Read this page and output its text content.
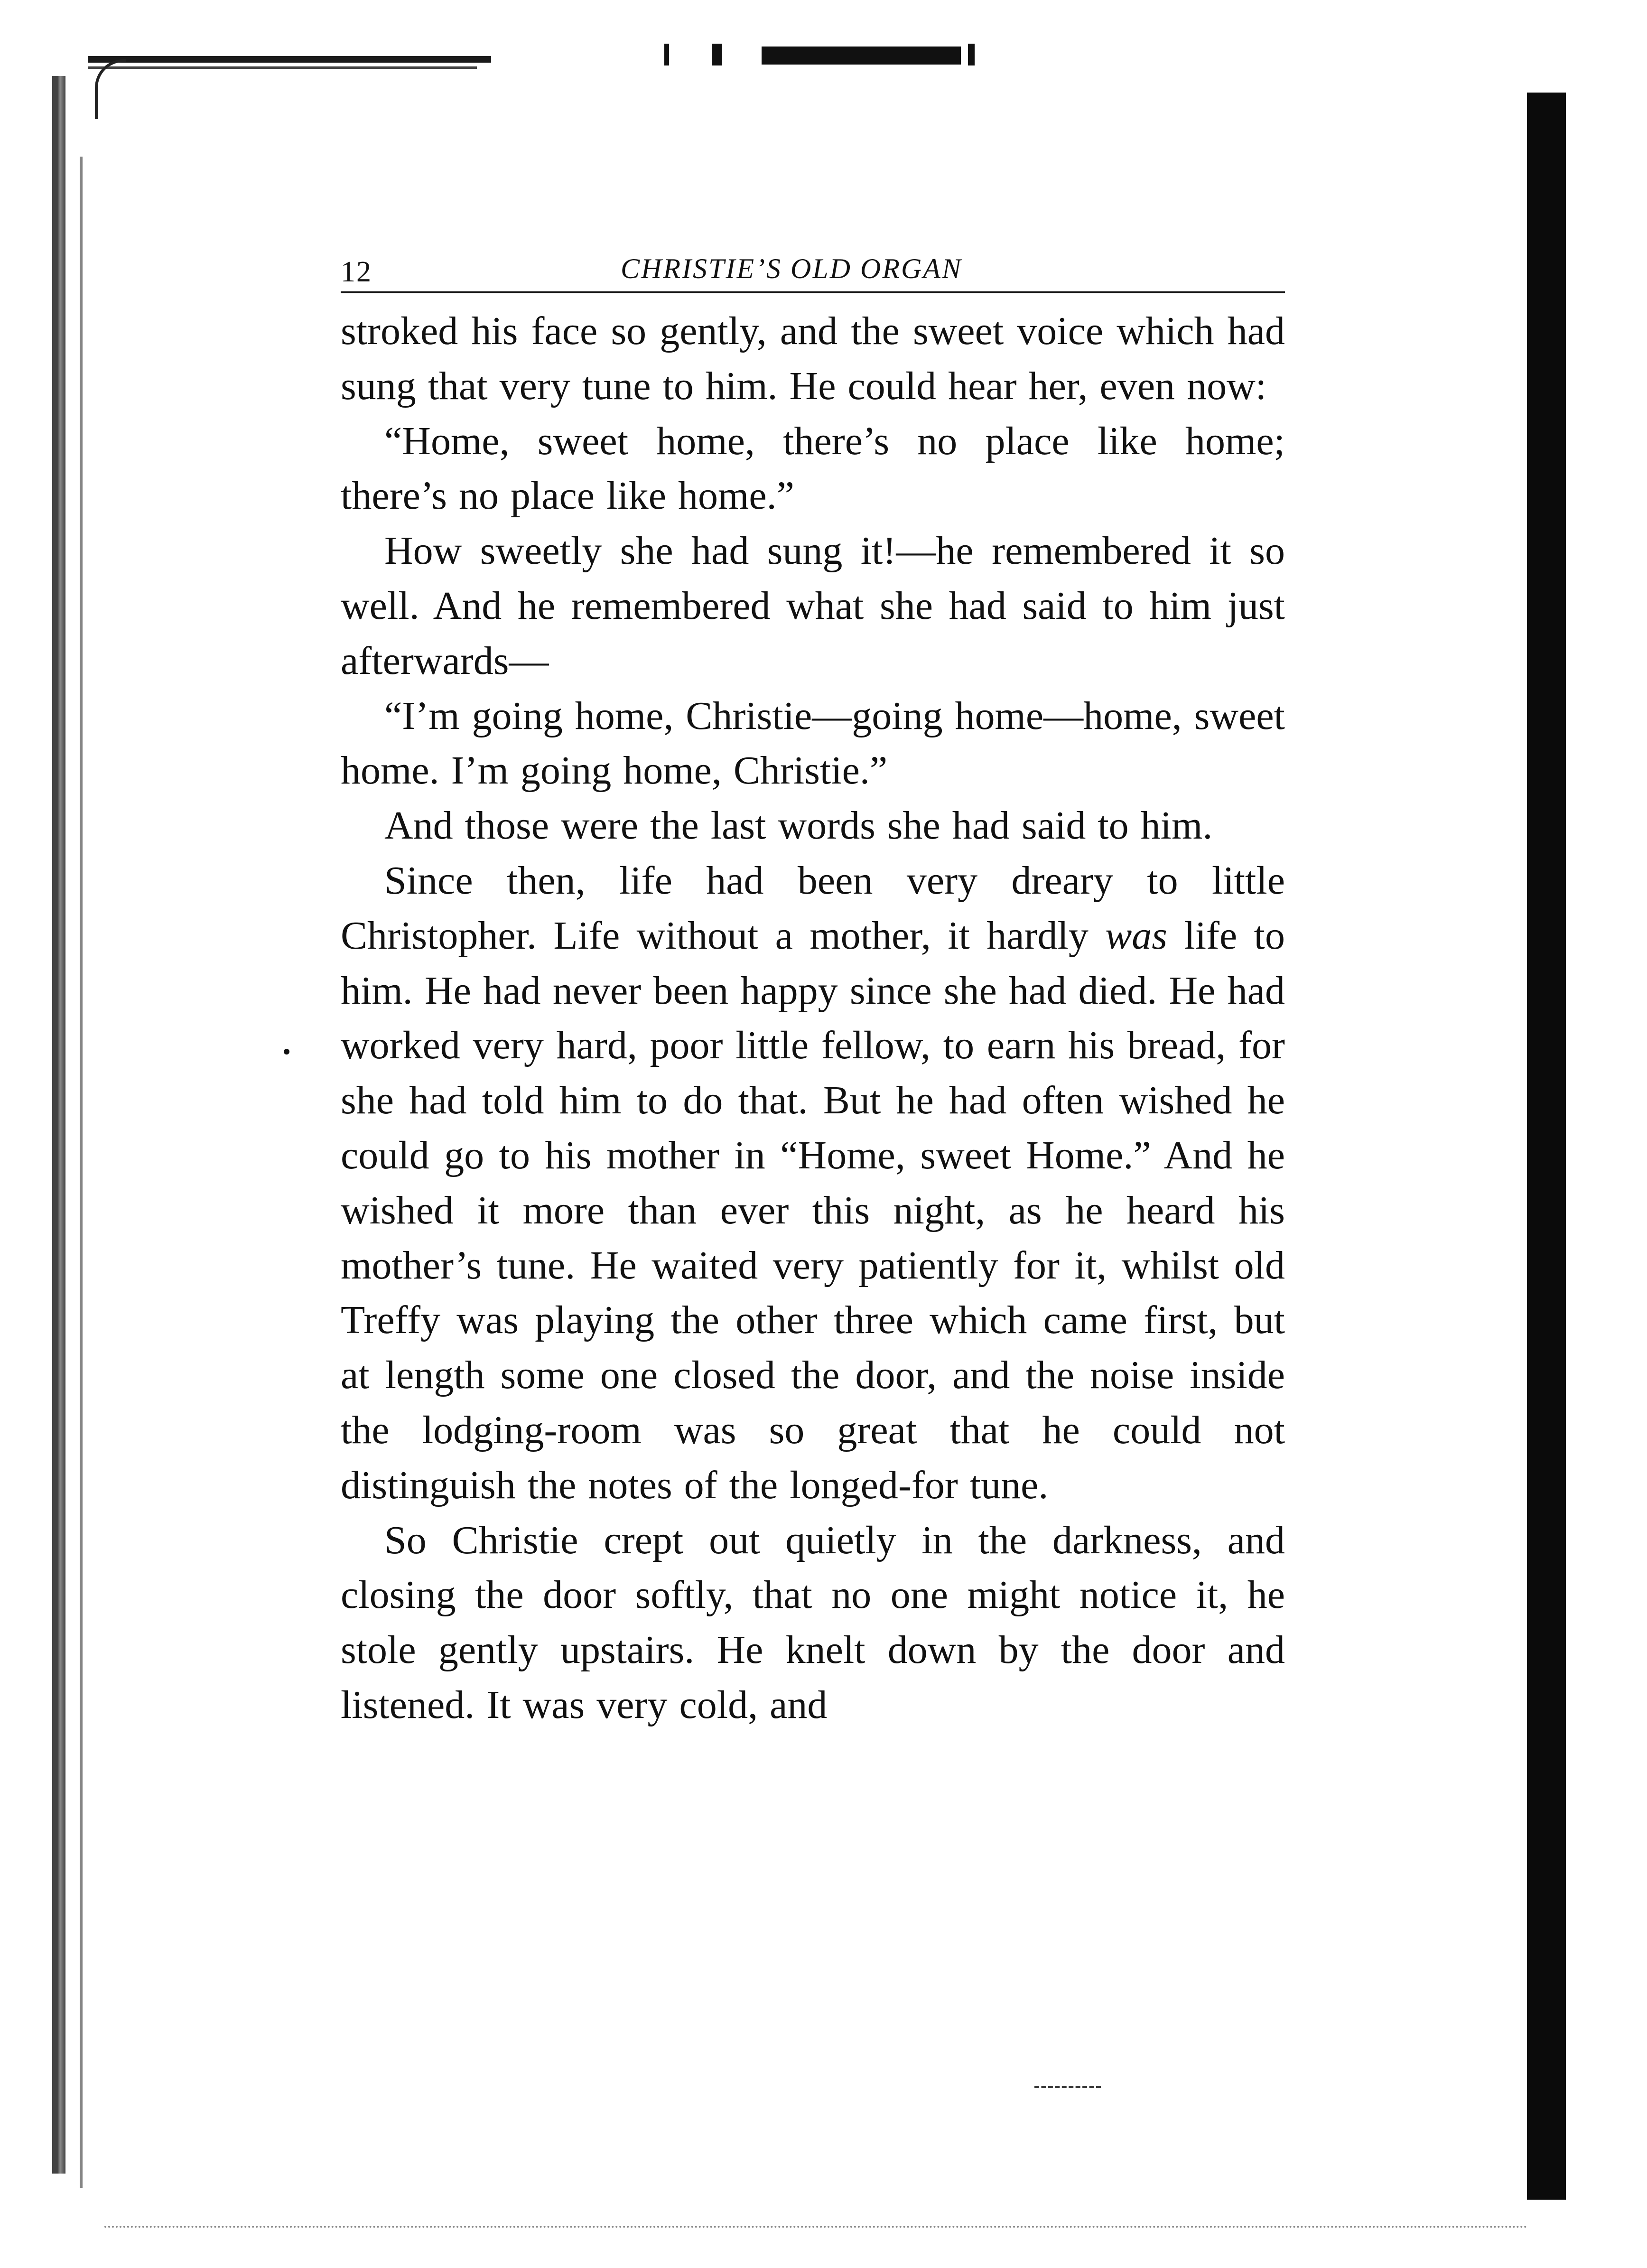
12	CHRISTIE’S OLD ORGAN

stroked his face so gently, and the sweet voice which had sung that very tune to him. He could hear her, even now:

“Home, sweet home, there’s no place like home; there’s no place like home.”

How sweetly she had sung it!—he remembered it so well. And he remembered what she had said to him just afterwards—

“I’m going home, Christie—going home—home, sweet home. I’m going home, Christie.”

And those were the last words she had said to him.

Since then, life had been very dreary to little Christopher. Life without a mother, it hardly was life to him. He had never been happy since she had died. He had worked very hard, poor little fellow, to earn his bread, for she had told him to do that. But he had often wished he could go to his mother in “Home, sweet Home.” And he wished it more than ever this night, as he heard his mother’s tune. He waited very patiently for it, whilst old Treffy was playing the other three which came first, but at length some one closed the door, and the noise inside the lodging-room was so great that he could not distinguish the notes of the longed-for tune.

So Christie crept out quietly in the darkness, and closing the door softly, that no one might notice it, he stole gently upstairs. He knelt down by the door and listened. It was very cold, and
